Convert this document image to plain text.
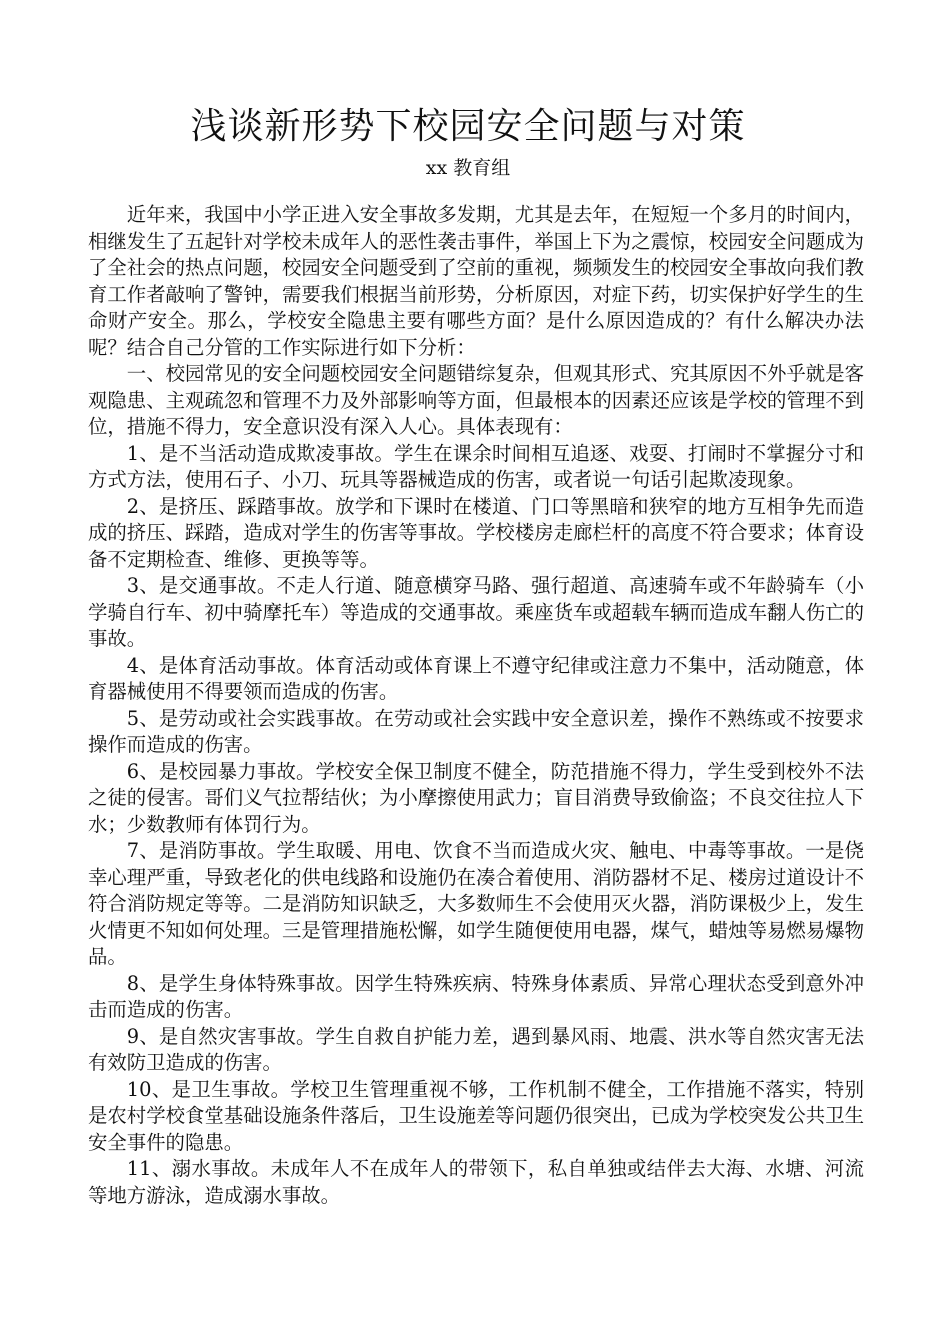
浅谈新形势下校园安全问题与对策
xx 教育组

近年来，我国中小学正进入安全事故多发期，尤其是去年，在短短一个多月的时间内，相继发生了五起针对学校未成年人的恶性袭击事件，举国上下为之震惊，校园安全问题成为了全社会的热点问题，校园安全问题受到了空前的重视，频频发生的校园安全事故向我们教育工作者敲响了警钟，需要我们根据当前形势，分析原因，对症下药，切实保护好学生的生命财产安全。那么，学校安全隐患主要有哪些方面？是什么原因造成的？有什么解决办法呢？结合自己分管的工作实际进行如下分析：

一、校园常见的安全问题校园安全问题错综复杂，但观其形式、究其原因不外乎就是客观隐患、主观疏忽和管理不力及外部影响等方面，但最根本的因素还应该是学校的管理不到位，措施不得力，安全意识没有深入人心。具体表现有：

1、是不当活动造成欺凌事故。学生在课余时间相互追逐、戏耍、打闹时不掌握分寸和方式方法，使用石子、小刀、玩具等器械造成的伤害，或者说一句话引起欺凌现象。

2、是挤压、踩踏事故。放学和下课时在楼道、门口等黑暗和狭窄的地方互相争先而造成的挤压、踩踏，造成对学生的伤害等事故。学校楼房走廊栏杆的高度不符合要求；体育设备不定期检查、维修、更换等等。

3、是交通事故。不走人行道、随意横穿马路、强行超道、高速骑车或不年龄骑车（小学骑自行车、初中骑摩托车）等造成的交通事故。乘座货车或超载车辆而造成车翻人伤亡的事故。

4、是体育活动事故。体育活动或体育课上不遵守纪律或注意力不集中，活动随意，体育器械使用不得要领而造成的伤害。

5、是劳动或社会实践事故。在劳动或社会实践中安全意识差，操作不熟练或不按要求操作而造成的伤害。

6、是校园暴力事故。学校安全保卫制度不健全，防范措施不得力，学生受到校外不法之徒的侵害。哥们义气拉帮结伙；为小摩擦使用武力；盲目消费导致偷盗；不良交往拉人下水；少数教师有体罚行为。

7、是消防事故。学生取暖、用电、饮食不当而造成火灾、触电、中毒等事故。一是侥幸心理严重，导致老化的供电线路和设施仍在凑合着使用、消防器材不足、楼房过道设计不符合消防规定等等。二是消防知识缺乏，大多数师生不会使用灭火器，消防课极少上，发生火情更不知如何处理。三是管理措施松懈，如学生随便使用电器，煤气，蜡烛等易燃易爆物品。

8、是学生身体特殊事故。因学生特殊疾病、特殊身体素质、异常心理状态受到意外冲击而造成的伤害。

9、是自然灾害事故。学生自救自护能力差，遇到暴风雨、地震、洪水等自然灾害无法有效防卫造成的伤害。

10、是卫生事故。学校卫生管理重视不够，工作机制不健全，工作措施不落实，特别是农村学校食堂基础设施条件落后，卫生设施差等问题仍很突出，已成为学校突发公共卫生安全事件的隐患。

11、溺水事故。未成年人不在成年人的带领下，私自单独或结伴去大海、水塘、河流等地方游泳，造成溺水事故。
